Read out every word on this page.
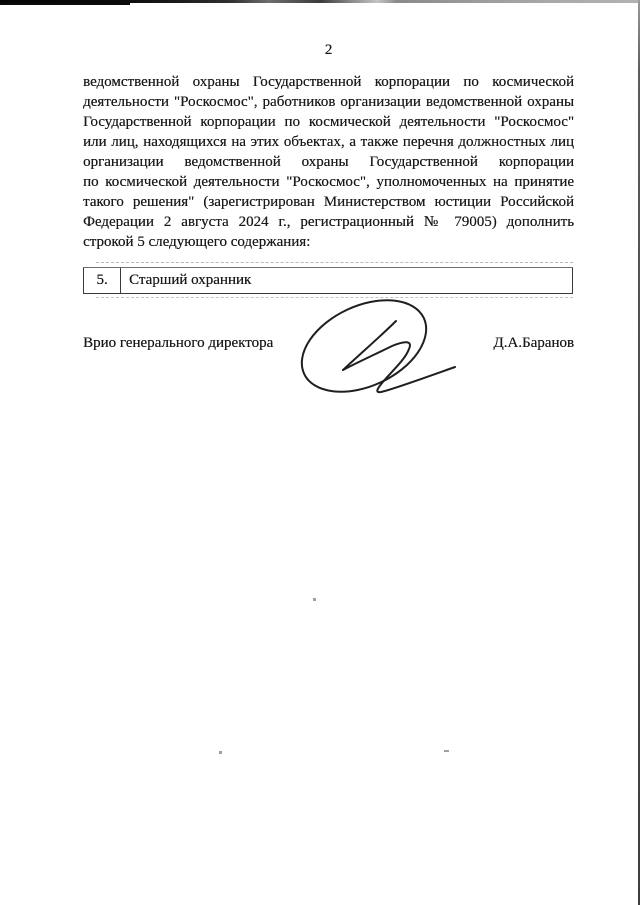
2
ведомственной охраны Государственной корпорации по космической
деятельности "Роскосмос", работников организации ведомственной охраны
Государственной корпорации по космической деятельности "Роскосмос"
или лиц, находящихся на этих объектах, а также перечня должностных лиц
организации ведомственной охраны Государственной корпорации
по космической деятельности "Роскосмос", уполномоченных на принятие
такого решения" (зарегистрирован Министерством юстиции Российской
Федерации 2 августа 2024 г., регистрационный № 79005) дополнить
строкой 5 следующего содержания:
5.	Старший охранник
Врио генерального директора	Д.А.Баранов
